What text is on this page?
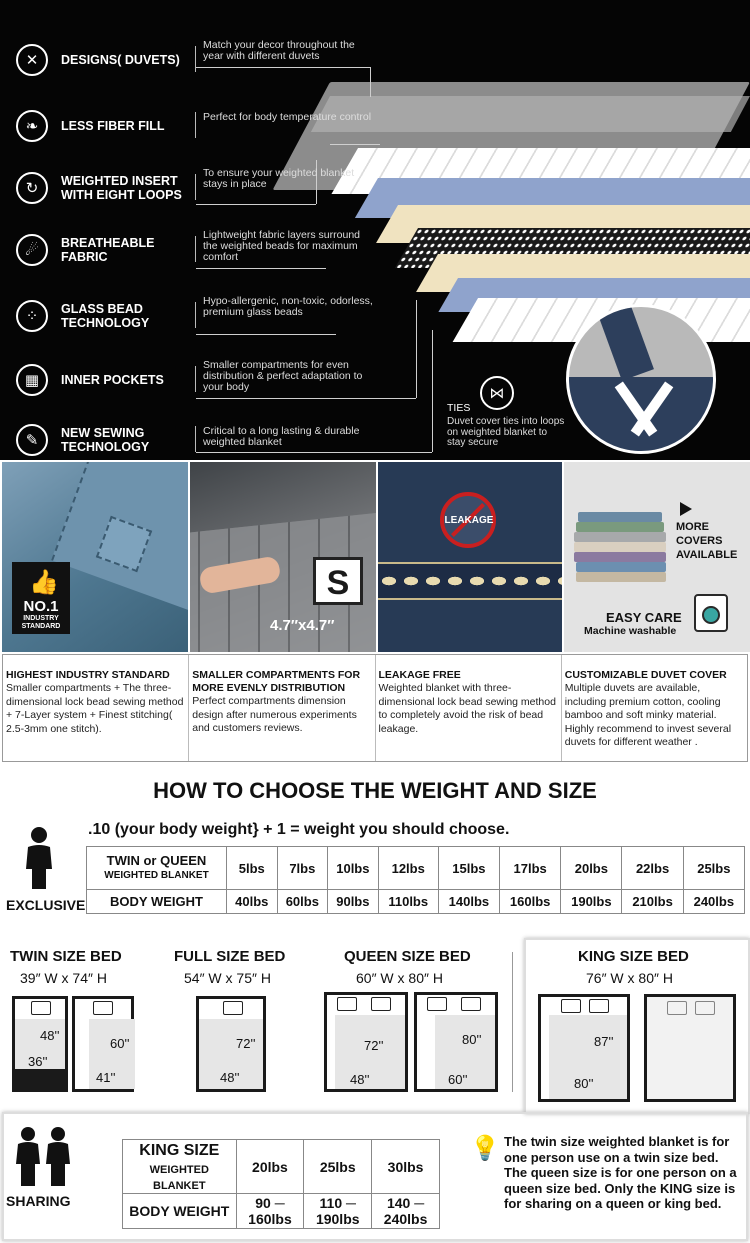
✕	DESIGNS( DUVETS)
Match your decor throughout the year with different duvets
❧	LESS FIBER FILL
Perfect for body temperature control
↻	WEIGHTED INSERT WITH EIGHT LOOPS
To ensure your weighted blanket stays in place
☄	BREATHEABLE FABRIC
Lightweight fabric layers surround the weighted beads for maximum comfort
⁘	GLASS BEAD TECHNOLOGY
Hypo-allergenic, non-toxic, odorless, premium glass beads
▦	INNER POCKETS
Smaller compartments for even distribution & perfect adaptation to your body
✎	NEW SEWING TECHNOLOGY
Critical to a long lasting & durable weighted blanket
⋈
TIES
Duvet cover ties into loops on weighted blanket to stay secure
👍
NO.1
INDUSTRY STANDARD
S
4.7″x4.7″
LEAKAGE
MORE
COVERS
AVAILABLE
EASY CARE
Machine washable
HIGHEST INDUSTRY STANDARD
Smaller compartments + The three-dimensional lock bead sewing method + 7-Layer system + Finest stitching( 2.5-3mm one stitch).
SMALLER COMPARTMENTS FOR MORE EVENLY DISTRIBUTION
Perfect compartments dimension design after numerous experiments and customers reviews.
LEAKAGE FREE
Weighted blanket with three-dimensional lock bead sewing method to completely avoid the risk of bead leakage.
CUSTOMIZABLE DUVET COVER
Multiple duvets are available, including premium cotton, cooling bamboo and soft minky material. Highly recommend to invest several duvets for different weather .
HOW TO CHOOSE THE WEIGHT AND SIZE
.10 (your body weight} + 1 = weight you should choose.
EXCLUSIVE
TWIN or QUEEN
WEIGHTED BLANKET	5lbs	7lbs	10lbs	12lbs	15lbs	17lbs	20lbs	22lbs	25lbs
BODY WEIGHT	40lbs	60lbs	90lbs	110lbs	140lbs	160lbs	190lbs	210lbs	240lbs
TWIN SIZE BED
39″ W x 74″ H
48''
36''
60''
41''
FULL SIZE BED
54″ W x 75″ H
72''
48''
QUEEN SIZE BED
60″ W x 80″ H
72''
48''
80''
60''
KING SIZE BED
76″ W x 80″ H
87''
80''
SHARING
KING SIZE
WEIGHTED BLANKET	20lbs	25lbs	30lbs
BODY WEIGHT	90 ─ 160lbs	110 ─ 190lbs	140 ─ 240lbs
💡 The twin size weighted blanket is for one person use on a twin size bed. The queen size is for one person on a queen size bed. Only the KING size is for sharing on a queen or king bed.
